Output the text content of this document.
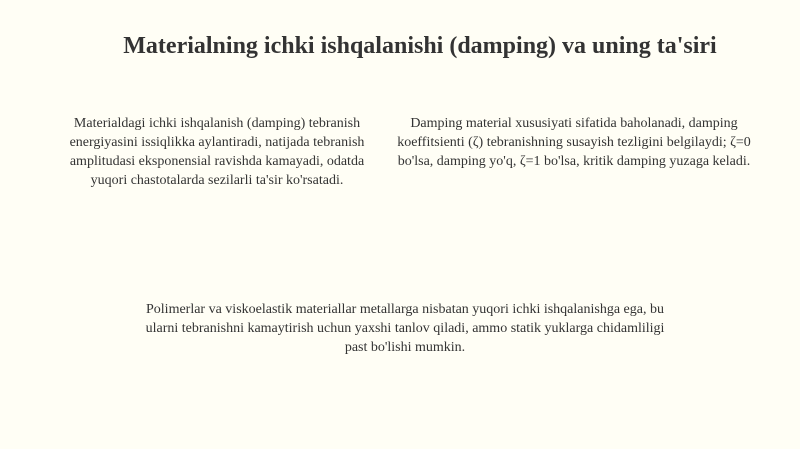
Materialning ichki ishqalanishi (damping) va uning ta'siri

Materialdagi ichki ishqalanish (damping) tebranish energiyasini issiqlikka aylantiradi, natijada tebranish amplitudasi eksponensial ravishda kamayadi, odatda yuqori chastotalarda sezilarli ta'sir ko'rsatadi.

Damping material xususiyati sifatida baholanadi, damping koeffitsienti (ζ) tebranishning susayish tezligini belgilaydi; ζ=0 bo'lsa, damping yo'q, ζ=1 bo'lsa, kritik damping yuzaga keladi.

Polimerlar va viskoelastik materiallar metallarga nisbatan yuqori ichki ishqalanishga ega, bu ularni tebranishni kamaytirish uchun yaxshi tanlov qiladi, ammo statik yuklarga chidamliligi past bo'lishi mumkin.
